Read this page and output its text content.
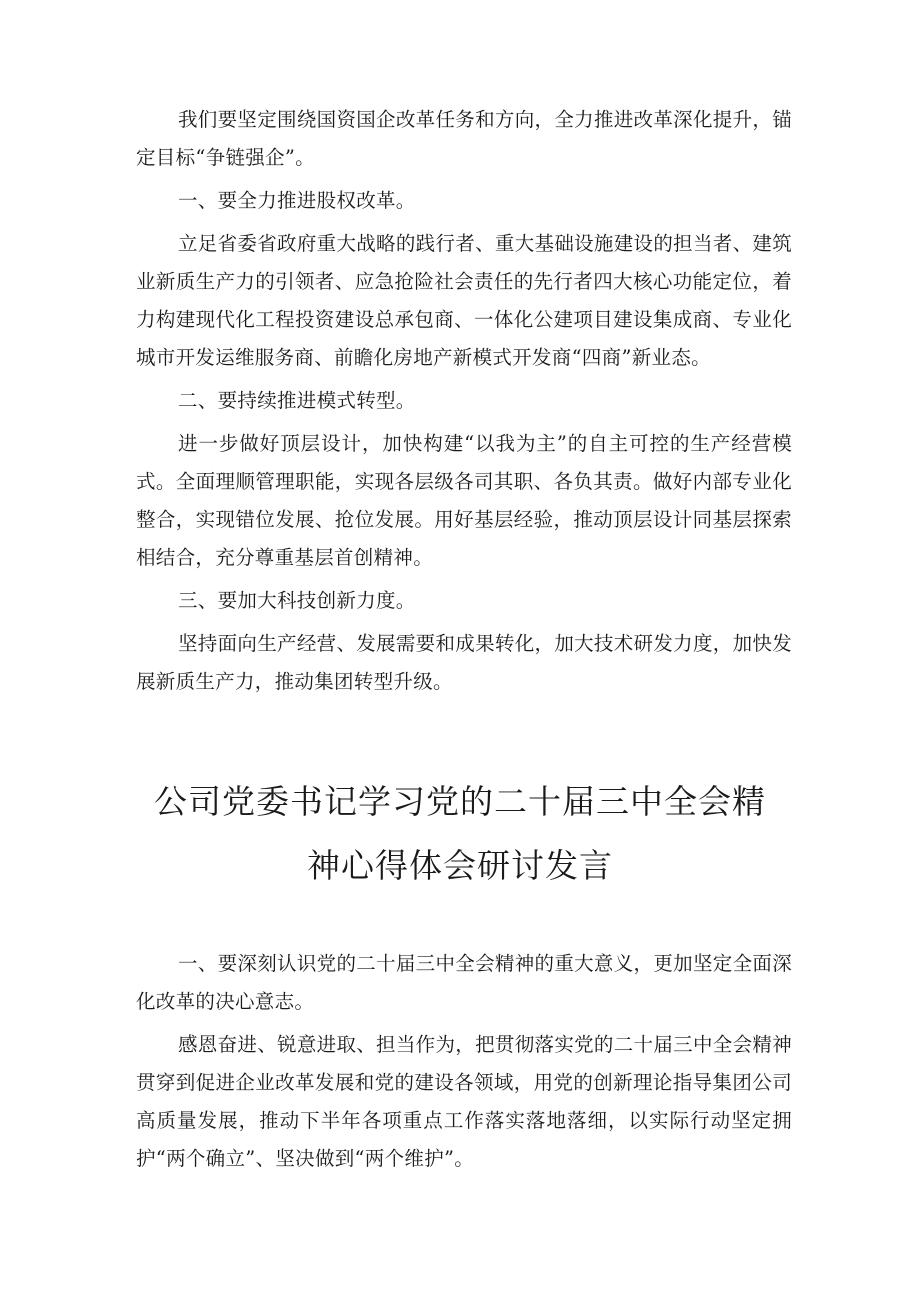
我们要坚定围绕国资国企改革任务和方向，全力推进改革深化提升，锚定目标“争链强企”。

一、要全力推进股权改革。

立足省委省政府重大战略的践行者、重大基础设施建设的担当者、建筑业新质生产力的引领者、应急抢险社会责任的先行者四大核心功能定位，着力构建现代化工程投资建设总承包商、一体化公建项目建设集成商、专业化城市开发运维服务商、前瞻化房地产新模式开发商“四商”新业态。

二、要持续推进模式转型。

进一步做好顶层设计，加快构建“以我为主”的自主可控的生产经营模式。全面理顺管理职能，实现各层级各司其职、各负其责。做好内部专业化整合，实现错位发展、抢位发展。用好基层经验，推动顶层设计同基层探索相结合，充分尊重基层首创精神。

三、要加大科技创新力度。

坚持面向生产经营、发展需要和成果转化，加大技术研发力度，加快发展新质生产力，推动集团转型升级。

公司党委书记学习党的二十届三中全会精
神心得体会研讨发言

一、要深刻认识党的二十届三中全会精神的重大意义，更加坚定全面深化改革的决心意志。

感恩奋进、锐意进取、担当作为，把贯彻落实党的二十届三中全会精神贯穿到促进企业改革发展和党的建设各领域，用党的创新理论指导集团公司高质量发展，推动下半年各项重点工作落实落地落细，以实际行动坚定拥护“两个确立”、坚决做到“两个维护”。
